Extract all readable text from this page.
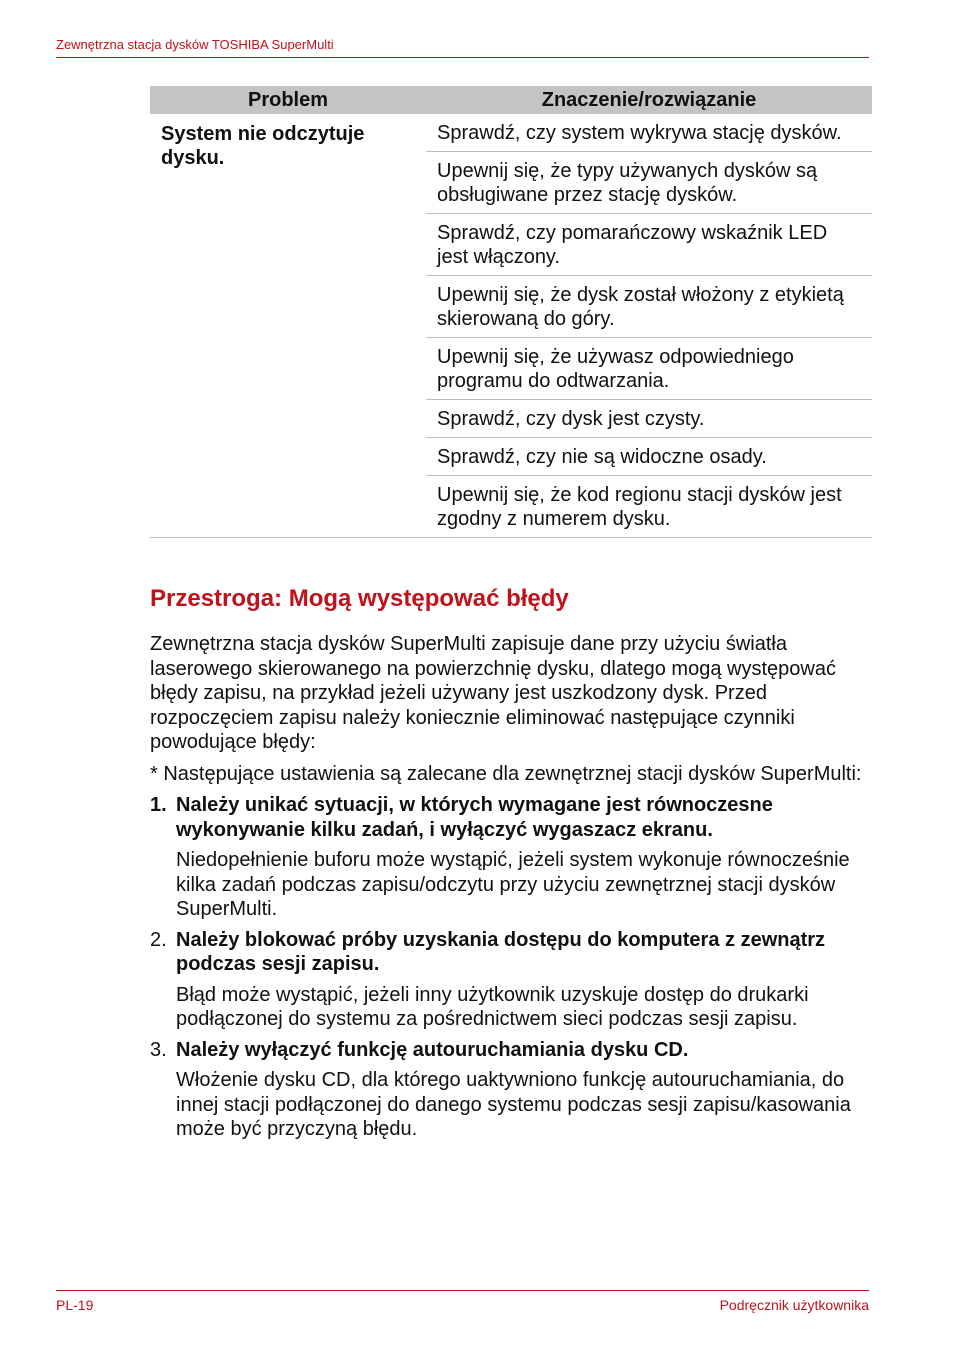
Zewnętrzna stacja dysków TOSHIBA SuperMulti
Problem	Znaczenie/rozwiązanie
System nie odczytuje dysku.	Sprawdź, czy system wykrywa stację dysków.
	Upewnij się, że typy używanych dysków są obsługiwane przez stację dysków.
	Sprawdź, czy pomarańczowy wskaźnik LED jest włączony.
	Upewnij się, że dysk został włożony z etykietą skierowaną do góry.
	Upewnij się, że używasz odpowiedniego programu do odtwarzania.
	Sprawdź, czy dysk jest czysty.
	Sprawdź, czy nie są widoczne osady.
	Upewnij się, że kod regionu stacji dysków jest zgodny z numerem dysku.
Przestroga: Mogą występować błędy

Zewnętrzna stacja dysków SuperMulti zapisuje dane przy użyciu światła laserowego skierowanego na powierzchnię dysku, dlatego mogą występować błędy zapisu, na przykład jeżeli używany jest uszkodzony dysk. Przed rozpoczęciem zapisu należy koniecznie eliminować następujące czynniki powodujące błędy:

* Następujące ustawienia są zalecane dla zewnętrznej stacji dysków SuperMulti:

1. Należy unikać sytuacji, w których wymagane jest równoczesne wykonywanie kilku zadań, i wyłączyć wygaszacz ekranu.
Niedopełnienie buforu może wystąpić, jeżeli system wykonuje równocześnie kilka zadań podczas zapisu/odczytu przy użyciu zewnętrznej stacji dysków SuperMulti.
2. Należy blokować próby uzyskania dostępu do komputera z zewnątrz podczas sesji zapisu.
Błąd może wystąpić, jeżeli inny użytkownik uzyskuje dostęp do drukarki podłączonej do systemu za pośrednictwem sieci podczas sesji zapisu.
3. Należy wyłączyć funkcję autouruchamiania dysku CD.
Włożenie dysku CD, dla którego uaktywniono funkcję autouruchamiania, do innej stacji podłączonej do danego systemu podczas sesji zapisu/kasowania może być przyczyną błędu.
PL-19	Podręcznik użytkownika
